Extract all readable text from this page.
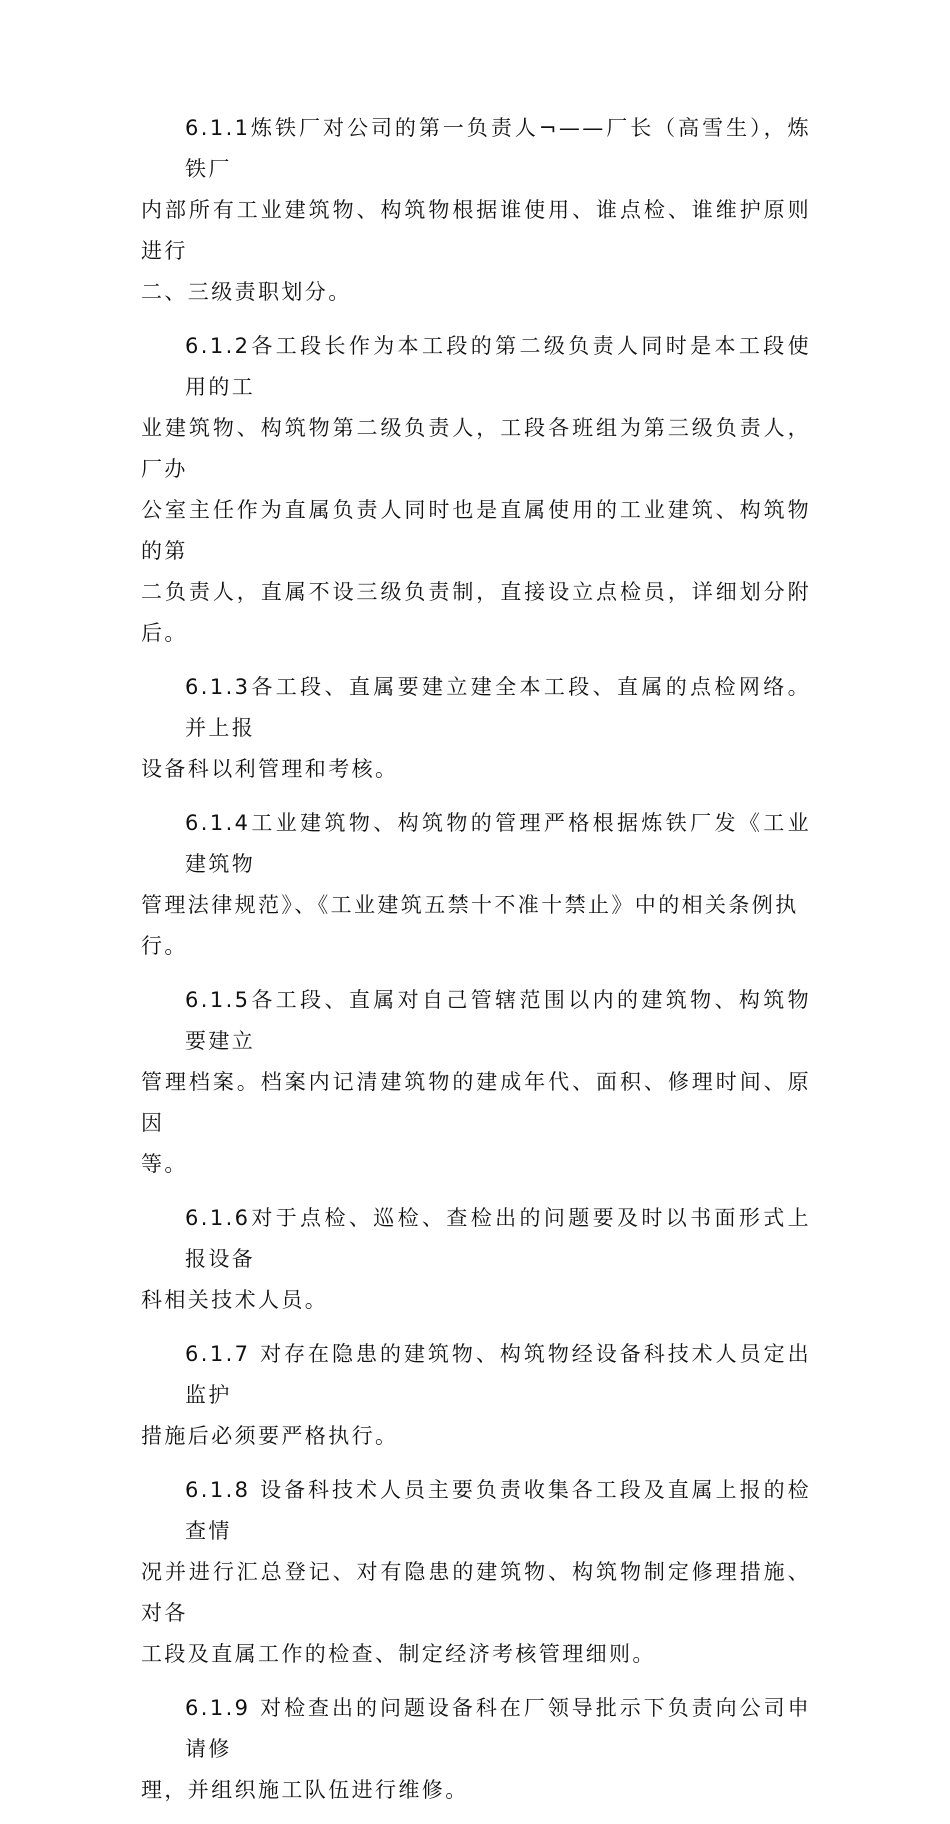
6.1.1炼铁厂对公司的第一负责人¬——厂长（高雪生），炼铁厂
内部所有工业建筑物、构筑物根据谁使用、谁点检、谁维护原则进行
二、三级责职划分。
6.1.2各工段长作为本工段的第二级负责人同时是本工段使用的工
业建筑物、构筑物第二级负责人，工段各班组为第三级负责人，厂办
公室主任作为直属负责人同时也是直属使用的工业建筑、构筑物的第
二负责人，直属不设三级负责制，直接设立点检员，详细划分附后。
6.1.3各工段、直属要建立建全本工段、直属的点检网络。并上报
设备科以利管理和考核。
6.1.4工业建筑物、构筑物的管理严格根据炼铁厂发《工业建筑物
管理法律规范》、《工业建筑五禁十不准十禁止》中的相关条例执
行。
6.1.5各工段、直属对自己管辖范围以内的建筑物、构筑物要建立
管理档案。档案内记清建筑物的建成年代、面积、修理时间、原因
等。
6.1.6对于点检、巡检、查检出的问题要及时以书面形式上报设备
科相关技术人员。
6.1.7 对存在隐患的建筑物、构筑物经设备科技术人员定出监护
措施后必须要严格执行。
6.1.8 设备科技术人员主要负责收集各工段及直属上报的检查情
况并进行汇总登记、对有隐患的建筑物、构筑物制定修理措施、对各
工段及直属工作的检查、制定经济考核管理细则。
6.1.9 对检查出的问题设备科在厂领导批示下负责向公司申请修
理，并组织施工队伍进行维修。
